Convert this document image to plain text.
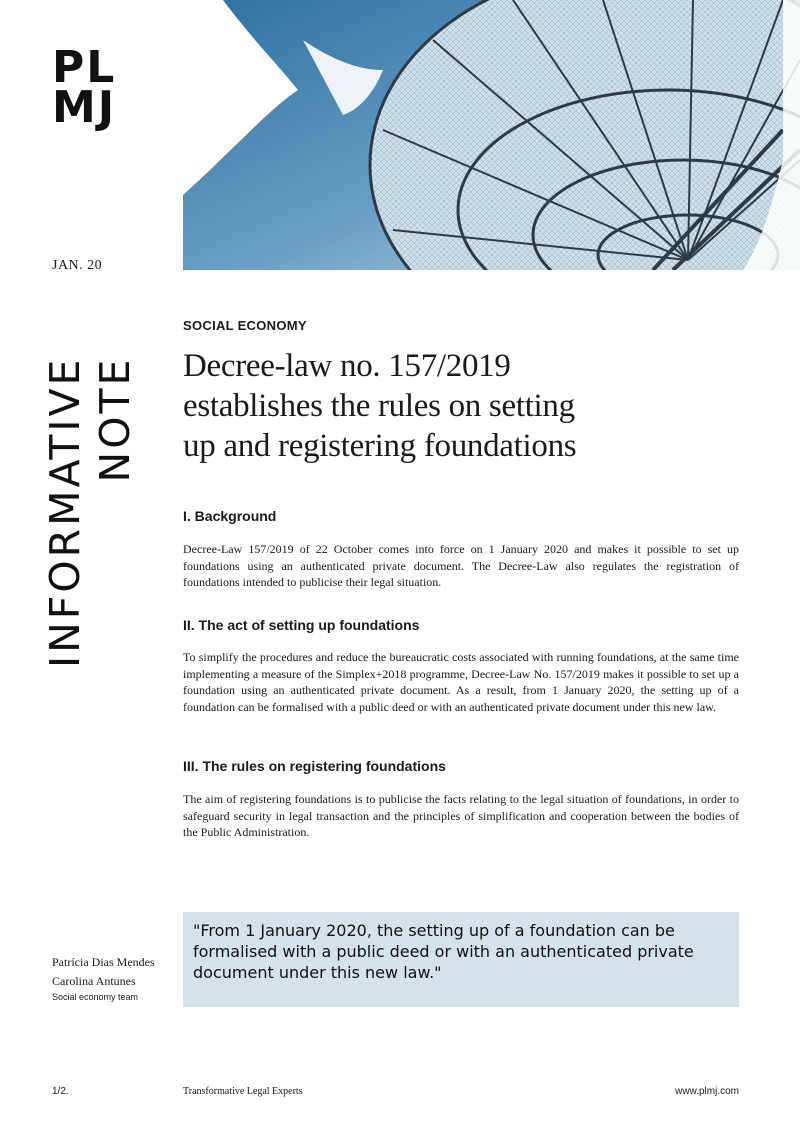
PL
MJ
JAN. 20
INFORMATIVE NOTE
SOCIAL ECONOMY
Decree-law no. 157/2019
establishes the rules on setting
up and registering foundations
I. Background

Decree-Law 157/2019 of 22 October comes into force on 1 January 2020 and makes it possible to set up foundations using an authenticated private document. The Decree-Law also regulates the registration of foundations intended to publicise their legal situation.

II. The act of setting up foundations

To simplify the procedures and reduce the bureaucratic costs associated with running foundations, at the same time implementing a measure of the Simplex+2018 programme, Decree-Law No. 157/2019 makes it possible to set up a foundation using an authenticated private document. As a result, from 1 January 2020, the setting up of a foundation can be formalised with a public deed or with an authenticated private document under this new law.

III. The rules on registering foundations

The aim of registering foundations is to publicise the facts relating to the legal situation of foundations, in order to safeguard security in legal transaction and the principles of simplification and cooperation between the bodies of the Public Administration.

"From 1 January 2020, the setting up of a foundation can be formalised with a public deed or with an authenticated private document under this new law."

Patrícia Dias Mendes
Carolina Antunes
Social economy team
1/2.	Transformative Legal Experts	www.plmj.com
